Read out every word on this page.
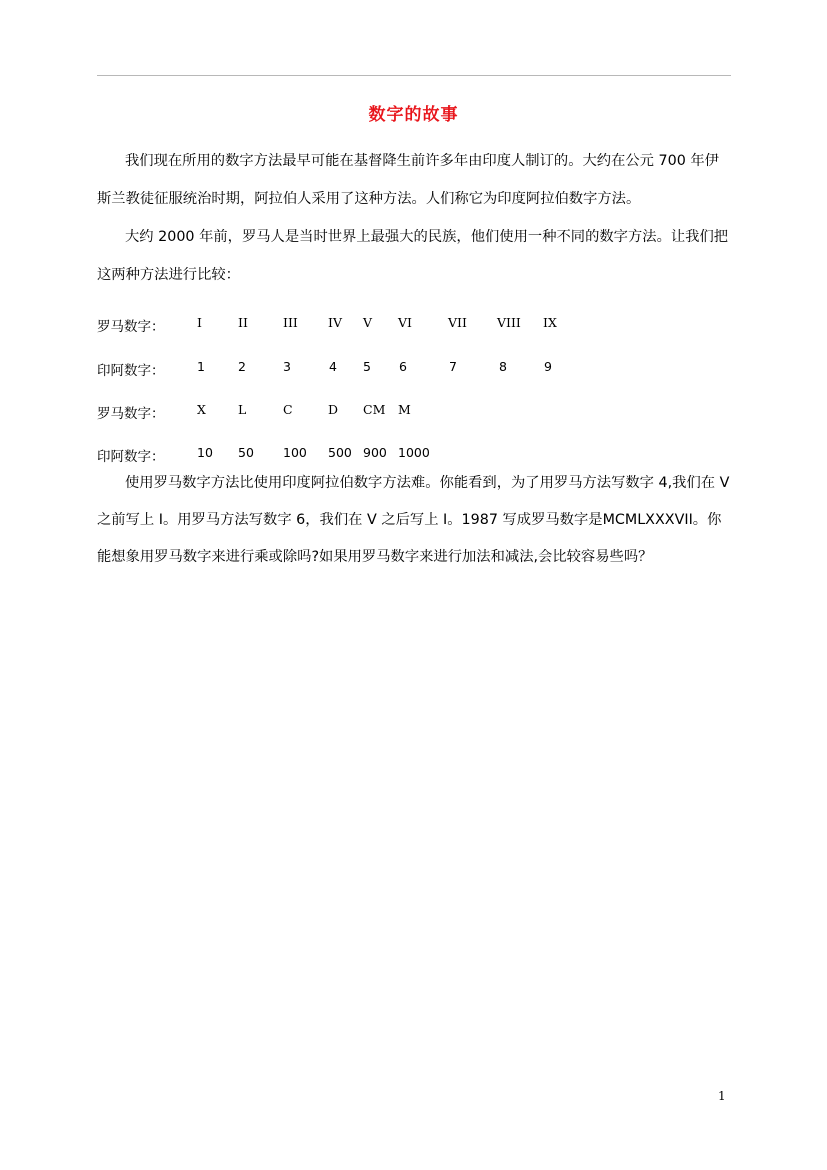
数字的故事
我们现在所用的数字方法最早可能在基督降生前许多年由印度人制订的。大约在公元 700 年伊斯兰教徒征服统治时期，阿拉伯人采用了这种方法。人们称它为印度阿拉伯数字方法。
大约 2000 年前，罗马人是当时世界上最强大的民族，他们使用一种不同的数字方法。让我们把这两种方法进行比较：
罗马数字：	I	II	III IV V VI	VII VIII IX
印阿数字：	1	2	3	4 5 6	7	8	9
罗马数字：	X	L	C	D CM M
印阿数字：	10 50 100 500 900 1000
使用罗马数字方法比使用印度阿拉伯数字方法难。你能看到，为了用罗马方法写数字 4,我们在 V 之前写上 I。用罗马方法写数字 6，我们在 V 之后写上 I。1987 写成罗马数字是MCMLXXXVII。你能想象用罗马数字来进行乘或除吗?如果用罗马数字来进行加法和减法,会比较容易些吗？
1
